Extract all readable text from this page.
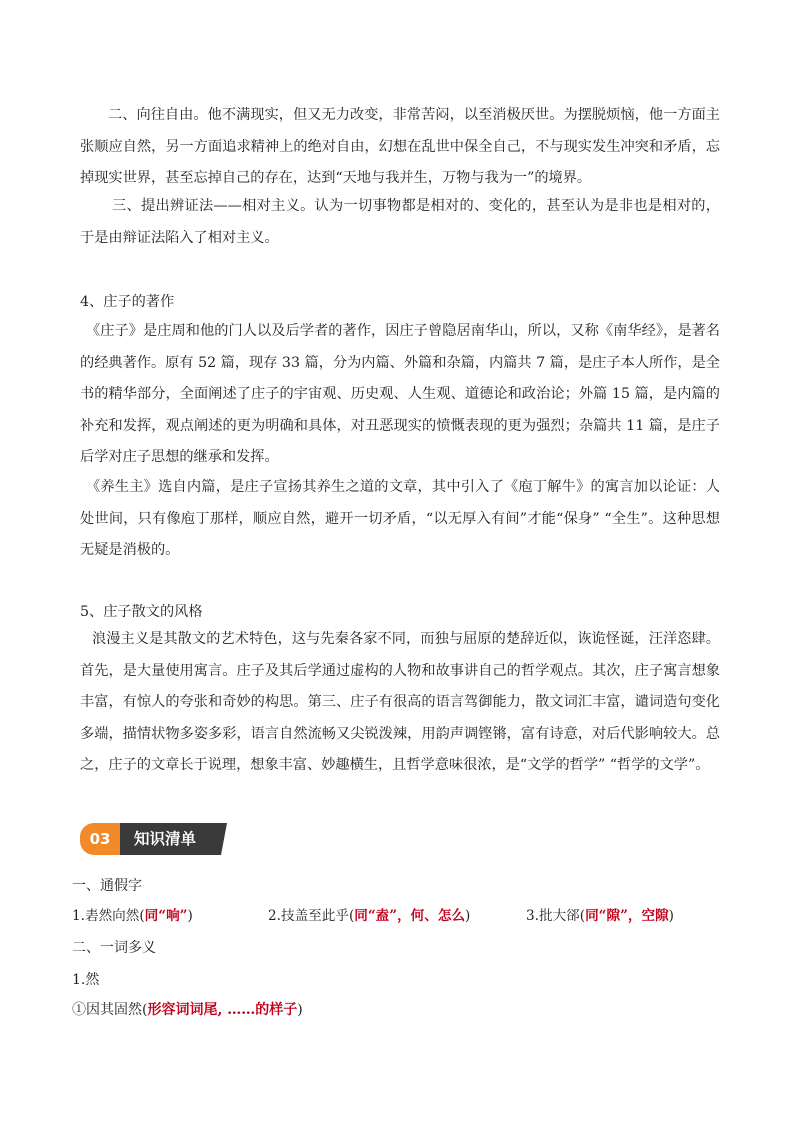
二、向往自由。他不满现实，但又无力改变，非常苦闷，以至消极厌世。为摆脱烦恼，他一方面主张顺应自然，另一方面追求精神上的绝对自由，幻想在乱世中保全自己，不与现实发生冲突和矛盾，忘掉现实世界，甚至忘掉自己的存在，达到“天地与我并生，万物与我为一”的境界。

三、提出辨证法——相对主义。认为一切事物都是相对的、变化的，甚至认为是非也是相对的，于是由辩证法陷入了相对主义。

4、庄子的著作

《庄子》是庄周和他的门人以及后学者的著作，因庄子曾隐居南华山，所以，又称《南华经》，是著名的经典著作。原有 52 篇，现存 33 篇，分为内篇、外篇和杂篇，内篇共 7 篇，是庄子本人所作，是全书的精华部分，全面阐述了庄子的宇宙观、历史观、人生观、道德论和政治论；外篇 15 篇，是内篇的补充和发挥，观点阐述的更为明确和具体，对丑恶现实的愤慨表现的更为强烈；杂篇共 11 篇，是庄子后学对庄子思想的继承和发挥。

《养生主》选自内篇，是庄子宣扬其养生之道的文章，其中引入了《庖丁解牛》的寓言加以论证：人处世间，只有像庖丁那样，顺应自然，避开一切矛盾，“以无厚入有间”才能“保身” “全生”。这种思想无疑是消极的。

5、庄子散文的风格

浪漫主义是其散文的艺术特色，这与先秦各家不同，而独与屈原的楚辞近似，诙诡怪诞，汪洋恣肆。首先，是大量使用寓言。庄子及其后学通过虚构的人物和故事讲自己的哲学观点。其次，庄子寓言想象丰富，有惊人的夸张和奇妙的构思。第三、庄子有很高的语言驾御能力，散文词汇丰富，谴词造句变化多端，描情状物多姿多彩，语言自然流畅又尖锐泼辣，用韵声调铿锵，富有诗意，对后代影响较大。总之，庄子的文章长于说理，想象丰富、妙趣横生，且哲学意味很浓，是“文学的哲学” “哲学的文学”。

03	知识清单

一、通假字

1.砉然向然(同“响”)	2.技盖至此乎(同“盍”，何、怎么)	3.批大郤(同“隙”，空隙)

二、一词多义

1.然

①因其固然(形容词词尾, ……的样子)
